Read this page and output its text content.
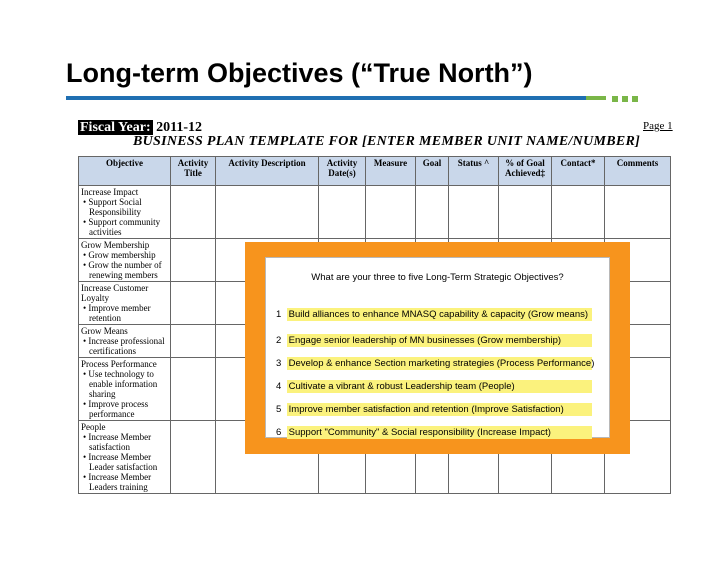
Long-term Objectives (“True North”)
Fiscal Year: 2011-12	Page 1
BUSINESS PLAN TEMPLATE FOR [ENTER MEMBER UNIT NAME/NUMBER]
Objective	Activity Title	Activity Description	Activity Date(s)	Measure	Goal	Status ^	% of Goal Achieved‡	Contact*	Comments

Increase Impact
• Support Social Responsibility
• Support community activities									

Grow Membership
• Grow membership
• Grow the number of renewing members									

Increase Customer Loyalty
• Improve member retention									

Grow Means
• Increase professional certifications									

Process Performance
• Use technology to enable information sharing
• Improve process performance									

People
• Increase Member satisfaction
• Increase Member Leader satisfaction
• Increase Member Leaders training									

What are your three to five Long-Term Strategic Objectives?
1 Build alliances to enhance MNASQ capability & capacity (Grow means)
2 Engage senior leadership of MN businesses (Grow membership)
3 Develop & enhance Section marketing strategies (Process Performance)
4 Cultivate a vibrant & robust Leadership team (People)
5 Improve member satisfaction and retention (Improve Satisfaction)
6 Support "Community" & Social responsibility (Increase Impact)
